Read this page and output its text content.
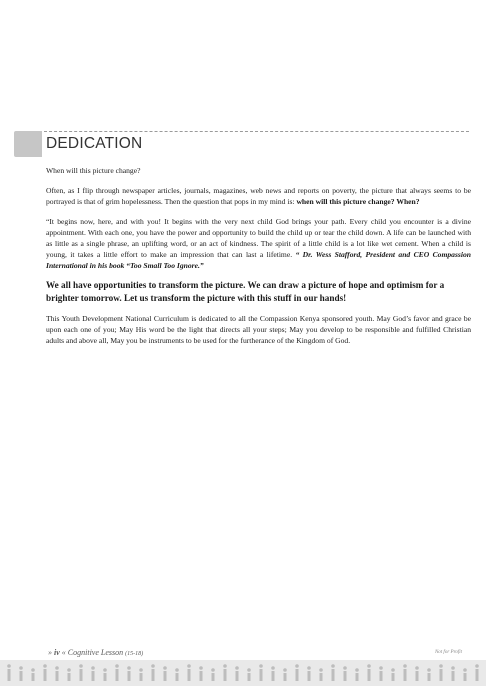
DEDICATION

When will this picture change?

Often, as I flip through newspaper articles, journals, magazines, web news and reports on poverty, the picture that always seems to be portrayed is that of grim hopelessness. Then the question that pops in my mind is: when will this picture change? When?

“It begins now, here, and with you! It begins with the very next child God brings your path. Every child you encounter is a divine appointment. With each one, you have the power and opportunity to build the child up or tear the child down. A life can be launched with as little as a single phrase, an uplifting word, or an act of kindness. The spirit of a little child is a lot like wet cement. When a child is young, it takes a little effort to make an impression that can last a lifetime. “ Dr. Wess Stafford, President and CEO Compassion International in his book “Too Small Too Ignore.”

We all have opportunities to transform the picture. We can draw a picture of hope and optimism for a brighter tomorrow. Let us transform the picture with this stuff in our hands!

This Youth Development National Curriculum is dedicated to all the Compassion Kenya sponsored youth. May God’s favor and grace be upon each one of you; May His word be the light that directs all your steps; May you develop to be responsible and fulfilled Christian adults and above all, May you be instruments to be used for the furtherance of the Kingdom of God.

» iv « Cognitive Lesson (15-18)	Not for Profit
